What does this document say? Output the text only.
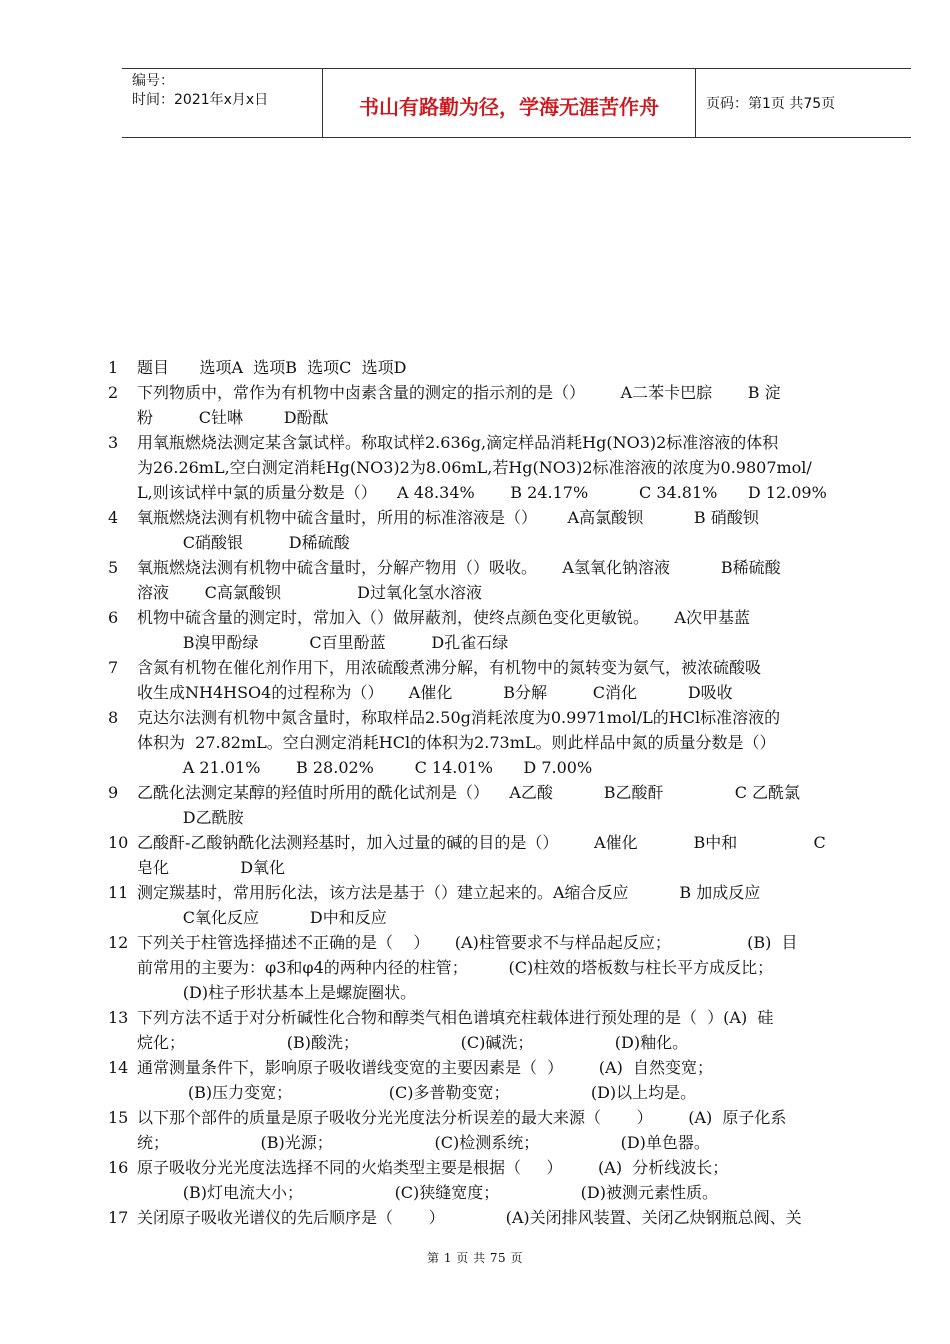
编号：
时间：2021年x月x日	书山有路勤为径，学海无涯苦作舟	页码：第1页 共75页
1	题目      选项A  选项B  选项C  选项D
2	下列物质中，常作为有机物中卤素含量的测定的指示剂的是（）       A二苯卡巴腙       B 淀
粉         C钍啉        D酚酞
3	用氧瓶燃烧法测定某含氯试样。称取试样2.636g,滴定样品消耗Hg(NO3)2标准溶液的体积
为26.26mL,空白测定消耗Hg(NO3)2为8.06mL,若Hg(NO3)2标准溶液的浓度为0.9807mol/
L,则该试样中氯的质量分数是（）    A 48.34%       B 24.17%          C 34.81%      D 12.09%
4	氧瓶燃烧法测有机物中硫含量时，所用的标准溶液是（）      A高氯酸钡          B 硝酸钡
C硝酸银         D稀硫酸
5	氧瓶燃烧法测有机物中硫含量时，分解产物用（）吸收。     A氢氧化钠溶液          B稀硫酸
溶液       C高氯酸钡               D过氧化氢水溶液
6	机物中硫含量的测定时，常加入（）做屏蔽剂，使终点颜色变化更敏锐。     A次甲基蓝
B溴甲酚绿          C百里酚蓝         D孔雀石绿
7	含氮有机物在催化剂作用下，用浓硫酸煮沸分解，有机物中的氮转变为氨气，被浓硫酸吸
收生成NH4HSO4的过程称为（）     A催化          B分解         C消化          D吸收
8	克达尔法测有机物中氮含量时，称取样品2.50g消耗浓度为0.9971mol/L的HCl标准溶液的
体积为  27.82mL。空白测定消耗HCl的体积为2.73mL。则此样品中氮的质量分数是（）
A 21.01%       B 28.02%        C 14.01%      D 7.00%
9	乙酰化法测定某醇的羟值时所用的酰化试剂是（）    A乙酸          B乙酸酐              C 乙酰氯
D乙酰胺
10 乙酸酐-乙酸钠酰化法测羟基时，加入过量的碱的目的是（）       A催化           B中和               C
皂化              D氧化
11 测定羰基时，常用肟化法，该方法是基于（）建立起来的。A缩合反应          B 加成反应
C氧化反应          D中和反应
12 下列关于柱管选择描述不正确的是（    ）     (A)柱管要求不与样品起反应；               (B)  目
前常用的主要为：φ3和φ4的两种内径的柱管；        (C)柱效的塔板数与柱长平方成反比；
(D)柱子形状基本上是螺旋圈状。
13 下列方法不适于对分析碱性化合物和醇类气相色谱填充柱载体进行预处理的是（  ）(A)  硅
烷化；                    (B)酸洗；                    (C)碱洗；                (D)釉化。
14 通常测量条件下，影响原子吸收谱线变宽的主要因素是（  ）       (A)  自然变宽；
(B)压力变宽；                   (C)多普勒变宽；                (D)以上均是。
15 以下那个部件的质量是原子吸收分光光度法分析误差的最大来源（       ）       (A)  原子化系
统；                  (B)光源；                    (C)检测系统；                (D)单色器。
16 原子吸收分光光度法选择不同的火焰类型主要是根据（     ）       (A)  分析线波长；
(B)灯电流大小；                  (C)狭缝宽度；                (D)被测元素性质。
17 关闭原子吸收光谱仪的先后顺序是（       ）            (A)关闭排风装置、关闭乙炔钢瓶总阀、关
第 1 页 共 75 页
